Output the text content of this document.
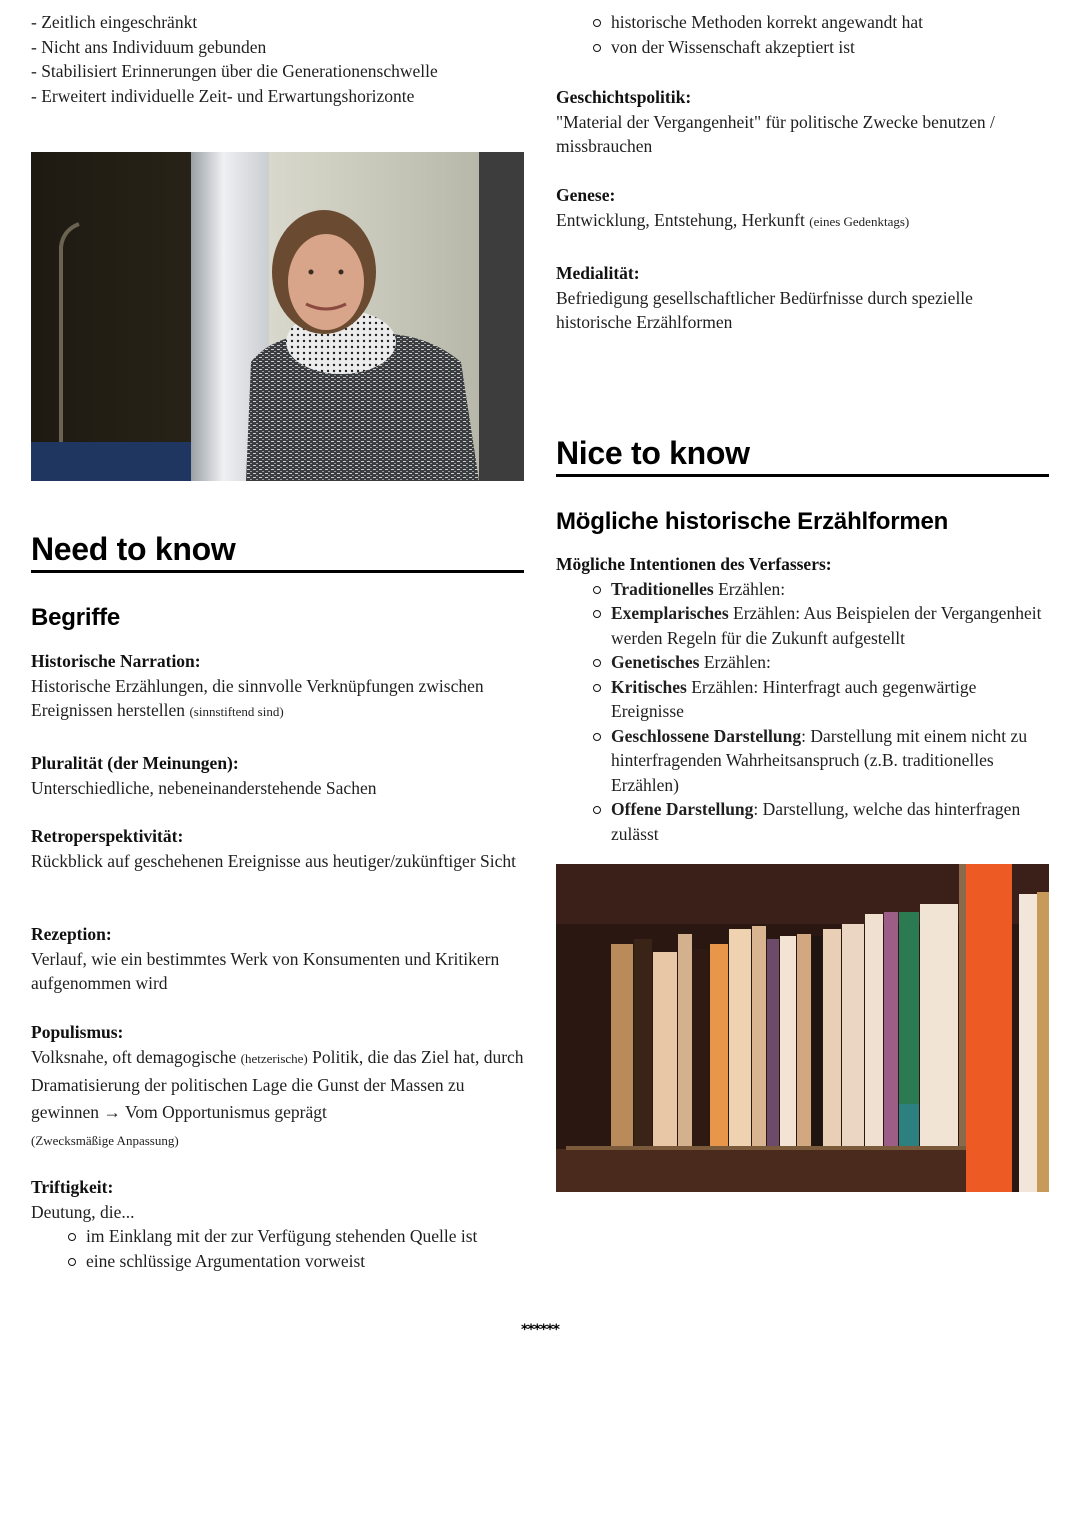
- Zeitlich eingeschränkt
- Nicht ans Individuum gebunden
- Stabilisiert Erinnerungen über die Generationenschwelle
- Erweitert individuelle Zeit- und Erwartungshorizonte
Need to know
Begriffe
Historische Narration:
Historische Erzählungen, die sinnvolle Verknüpfungen zwischen Ereignissen herstellen (sinnstiftend sind)
Pluralität (der Meinungen):
Unterschiedliche, nebeneinanderstehende Sachen
Retroperspektivität:
Rückblick auf geschehenen Ereignisse aus heutiger/zukünftiger Sicht
Rezeption:
Verlauf, wie ein bestimmtes Werk von Konsumenten und Kritikern aufgenommen wird
Populismus:
Volksnahe, oft demagogische (hetzerische) Politik, die das Ziel hat, durch Dramatisierung der politischen Lage die Gunst der Massen zu gewinnen → Vom Opportunismus geprägt
(Zwecksmäßige Anpassung)
Triftigkeit:
Deutung, die...
im Einklang mit der zur Verfügung stehenden Quelle ist
eine schlüssige Argumentation vorweist
historische Methoden korrekt angewandt hat
von der Wissenschaft akzeptiert ist
Geschichtspolitik:
"Material der Vergangenheit" für politische Zwecke benutzen / missbrauchen
Genese:
Entwicklung, Entstehung, Herkunft (eines Gedenktags)
Medialität:
Befriedigung gesellschaftlicher Bedürfnisse durch spezielle historische Erzählformen
Nice to know
Mögliche historische Erzählformen
Mögliche Intentionen des Verfassers:
Traditionelles Erzählen:
Exemplarisches Erzählen: Aus Beispielen der Vergangenheit werden Regeln für die Zukunft aufgestellt
Genetisches Erzählen:
Kritisches Erzählen: Hinterfragt auch gegenwärtige Ereignisse
Geschlossene Darstellung: Darstellung mit einem nicht zu hinterfragenden Wahrheitsanspruch (z.B. traditionelles Erzählen)
Offene Darstellung: Darstellung, welche das hinterfragen zulässt
******
